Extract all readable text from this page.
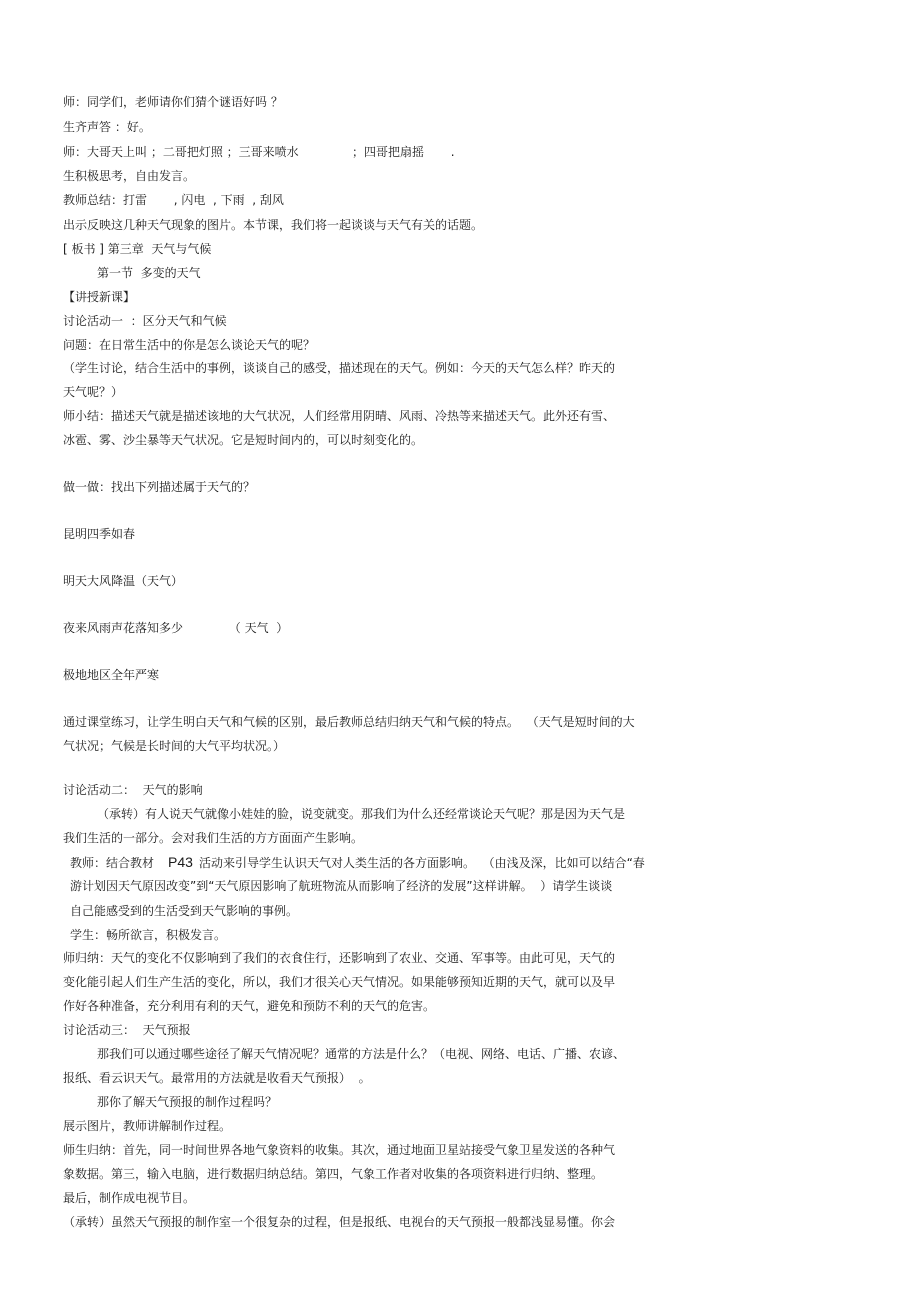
师：同学们，老师请你们猜个谜语好吗 ？

生齐声答 ：好。

师：大哥天上叫 ；二哥把灯照 ；三哥来喷水              ；四哥把扇摇       .

生积极思考，自由发言。

教师总结：打雷       , 闪电  , 下雨  , 刮风

出示反映这几种天气现象的图片。本节课，我们将一起谈谈与天气有关的话题。

[ 板书 ] 第三章  天气与气候

第一节  多变的天气

【讲授新课】

讨论活动一  ：区分天气和气候

问题：在日常生活中的你是怎么谈论天气的呢？

（学生讨论，结合生活中的事例，谈谈自己的感受，描述现在的天气。例如：今天的天气怎么样？昨天的

天气呢？）

师小结：描述天气就是描述该地的大气状况，人们经常用阴晴、风雨、冷热等来描述天气。此外还有雪、

冰雹、雾、沙尘暴等天气状况。它是短时间内的，可以时刻变化的。

做一做：找出下列描述属于天气的？

昆明四季如春

明天大风降温（天气）

夜来风雨声花落知多少            （ 天气  ）

极地地区全年严寒

通过课堂练习，让学生明白天气和气候的区别，最后教师总结归纳天气和气候的特点。  （天气是短时间的大

气状况；气候是长时间的大气平均状况。）

讨论活动二：  天气的影响

（承转）有人说天气就像小娃娃的脸，说变就变。那我们为什么还经常谈论天气呢？那是因为天气是

我们生活的一部分。会对我们生活的方方面面产生影响。

教师：结合教材 P43 活动来引导学生认识天气对人类生活的各方面影响。  （由浅及深，比如可以结合“春

游计划因天气原因改变”到“天气原因影响了航班物流从而影响了经济的发展”这样讲解。  ）请学生谈谈

自己能感受到的生活受到天气影响的事例。

学生：畅所欲言，积极发言。

师归纳：天气的变化不仅影响到了我们的衣食住行，还影响到了农业、交通、军事等。由此可见，天气的

变化能引起人们生产生活的变化，所以，我们才很关心天气情况。如果能够预知近期的天气，就可以及早

作好各种准备，充分利用有利的天气，避免和预防不利的天气的危害。

讨论活动三：  天气预报

那我们可以通过哪些途径了解天气情况呢？通常的方法是什么？（电视、网络、电话、广播、农谚、

报纸、看云识天气。最常用的方法就是收看天气预报）  。

那你了解天气预报的制作过程吗？

展示图片，教师讲解制作过程。

师生归纳：首先，同一时间世界各地气象资料的收集。其次，通过地面卫星站接受气象卫星发送的各种气

象数据。第三，输入电脑，进行数据归纳总结。第四，气象工作者对收集的各项资料进行归纳、整理。

最后，制作成电视节目。

（承转）虽然天气预报的制作室一个很复杂的过程，但是报纸、电视台的天气预报一般都浅显易懂。你会
